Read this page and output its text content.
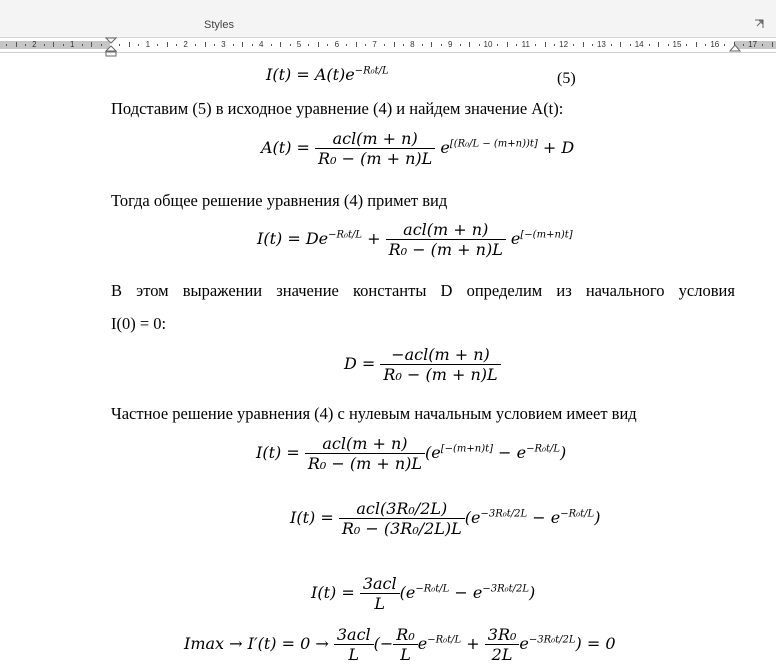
Styles
2	1	1	2	3	4	5	6	7	8	9	10	11	12	13	14	15	16	17
$I(t) = A(t)e^{-R_0t/L}$	(5)
Подставим (5) в исходное уравнение (4) и найдем значение A(t):
$A(t) = \frac{\text{acl(m + n)}}{\text{R₀ − (m + n)L}} e[(R_0/L - (m+n))t] + D$
Тогда общее решение уравнения (4) примет вид
$I(t) = De^{-R_0t/L} + \frac{\text{acl(m + n)}}{\text{R₀ − (m + n)L}} e[-(m+n)t]$
В этом выражении значение константы D определим из начального условия
I(0) = 0:
$D = \frac{\text{−acl(m + n)}}{\text{R₀ − (m + n)L}}$
Частное решение уравнения (4) с нулевым начальным условием имеет вид
$I(t) = \frac{\text{acl(m + n)}}{\text{R₀ − (m + n)L}} (e[-(m+n)t] - e^{-R_0t/L})$
$I(t) = \frac{\text{acl(3R₀/2L)}}{\text{R₀ − (3R₀/2L)L}} (e^{-3R_0t/2L} - e^{-R_0t/L})$
$I(t) = \frac{\text{3acl}}{L} (e^{-R_0t/L} - e^{-3R_0t/2L})$
$Imax \to I'(t) = 0 \to \frac{\text{3acl}}{L}$ (− $\frac{\text{R₀}}{L} e^{-R_0t/L} + \frac{\text{3R₀}}{2L} e^{-3R_0t/2L}) = 0$
